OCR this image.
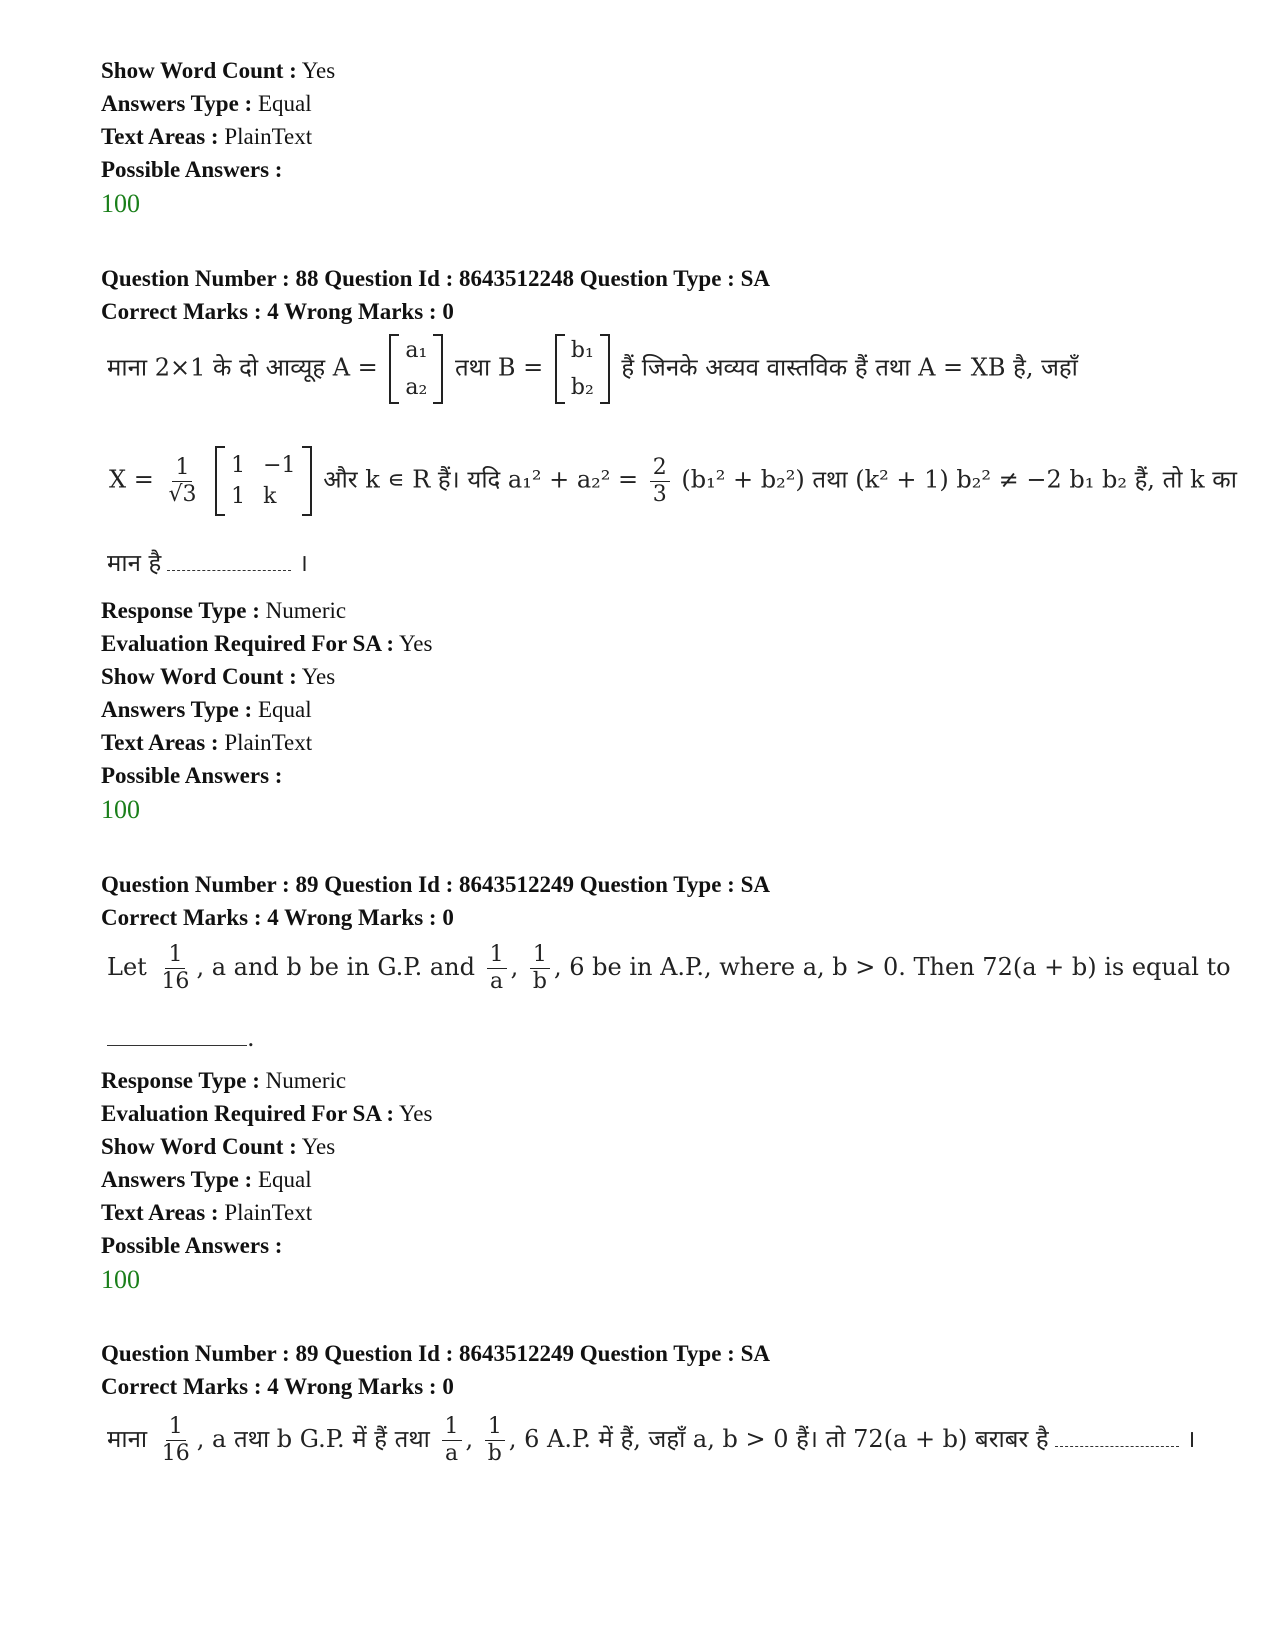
Show Word Count : Yes
Answers Type : Equal
Text Areas : PlainText
Possible Answers :
100
Question Number : 88 Question Id : 8643512248 Question Type : SA
Correct Marks : 4 Wrong Marks : 0
माना 2×1 के दो आव्यूह A =
a₁
a₂
तथा B =
b₁
b₂
हैं जिनके अव्यव वास्तविक हैं तथा A = XB है, जहाँ
$X = \frac{1}{√3}$
1 −1
1 k
और k ∊ R हैं। यदि $a_1^2 + a_2^2 = \frac{2}{3} (b_1^2 + b_2^2)$ तथा (k² + 1) b₂² ≠ −2 b₁ b₂ हैं, तो k का
मान है	।
Response Type : Numeric
Evaluation Required For SA : Yes
Show Word Count : Yes
Answers Type : Equal
Text Areas : PlainText
Possible Answers :
100
Question Number : 89 Question Id : 8643512249 Question Type : SA
Correct Marks : 4 Wrong Marks : 0
Let $\frac{1}{16}$ , a and b be in G.P. and $\frac{1}{a}$ , $\frac{1}{b}$ , 6 be in A.P., where a, b > 0. Then 72(a + b) is equal to
.
Response Type : Numeric
Evaluation Required For SA : Yes
Show Word Count : Yes
Answers Type : Equal
Text Areas : PlainText
Possible Answers :
100
Question Number : 89 Question Id : 8643512249 Question Type : SA
Correct Marks : 4 Wrong Marks : 0
माना $\frac{1}{16}$ , a तथा b G.P. में हैं तथा $\frac{1}{a}$ , $\frac{1}{b}$ , 6 A.P. में हैं, जहाँ a, b > 0 हैं। तो 72(a + b) बराबर है	।
